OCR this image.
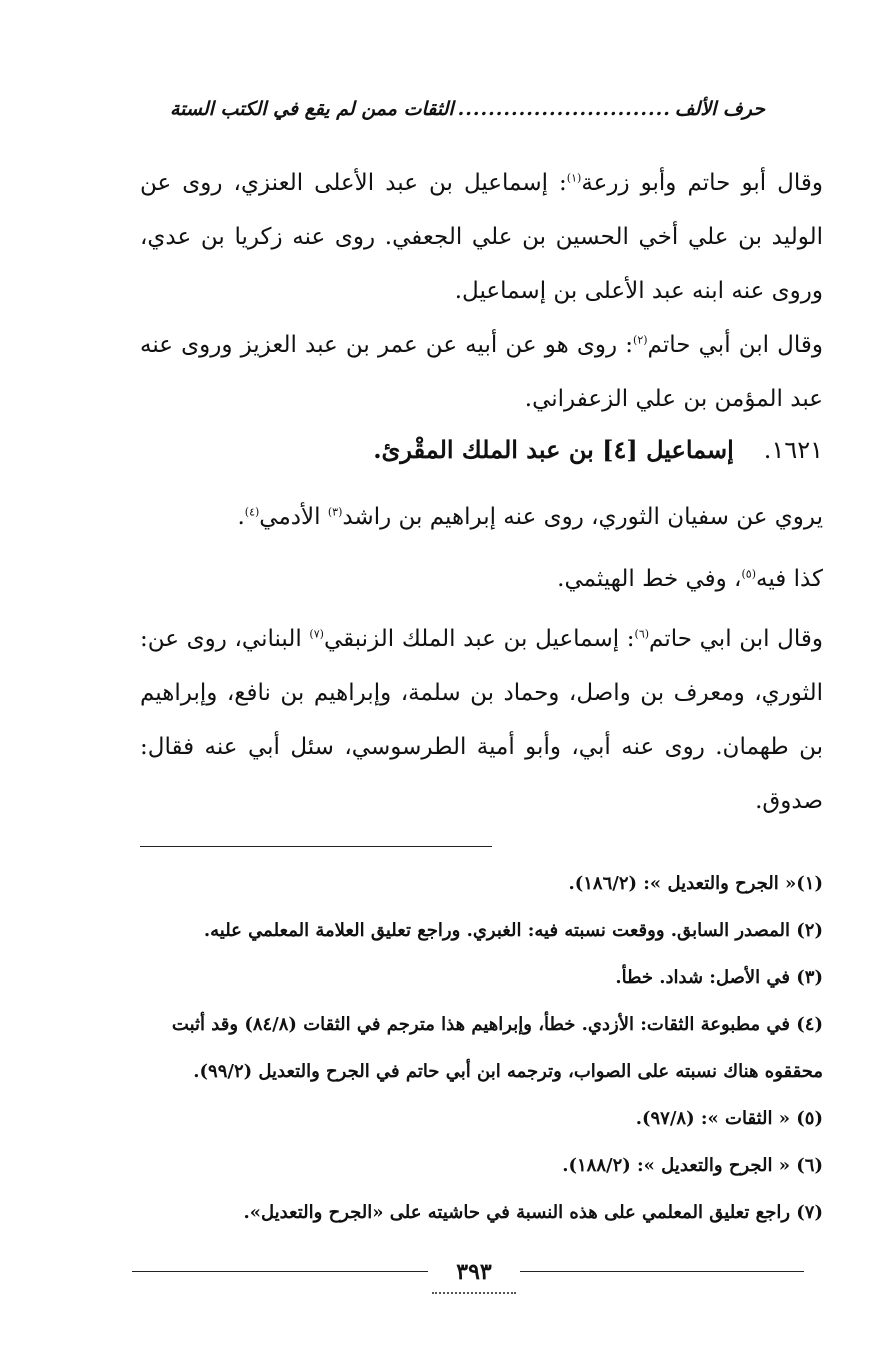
حرف الألف
............................
الثقات ممن لم يقع في الكتب الستة
وقال أبو حاتم وأبو زرعة$^{(١)}$: إسماعيل بن عبد الأعلى العنزي، روى عن الوليد بن علي أخي الحسين بن علي الجعفي. روى عنه زكريا بن عدي، وروى عنه ابنه عبد الأعلى بن إسماعيل.
وقال ابن أبي حاتم$^{(٢)}$: روى هو عن أبيه عن عمر بن عبد العزيز وروى عنه عبد المؤمن بن علي الزعفراني.
١٦٢١.إسماعيل [٤] بن عبد الملك المقْرئ.
يروي عن سفيان الثوري، روى عنه إبراهيم بن راشد$^{(٣)}$ الأدمي$^{(٤)}$.
كذا فيه$^{(٥)}$، وفي خط الهيثمي.
وقال ابن ابي حاتم$^{(٦)}$: إسماعيل بن عبد الملك الزنبقي$^{(٧)}$ البناني، روى عن: الثوري، ومعرف بن واصل، وحماد بن سلمة، وإبراهيم بن نافع، وإبراهيم بن طهمان. روى عنه أبي، وأبو أمية الطرسوسي، سئل أبي عنه فقال: صدوق.
(١)« الجرح والتعديل »: (١٨٦/٢).
(٢) المصدر السابق. ووقعت نسبته فيه: الغبري. وراجع تعليق العلامة المعلمي عليه.
(٣) في الأصل: شداد. خطأ.
(٤) في مطبوعة الثقات: الأزدي. خطأ، وإبراهيم هذا مترجم في الثقات (٨٤/٨) وقد أثبت محققوه هناك نسبته على الصواب، وترجمه ابن أبي حاتم في الجرح والتعديل (٩٩/٢).
(٥) « الثقات »: (٩٧/٨).
(٦) « الجرح والتعديل »: (١٨٨/٢).
(٧) راجع تعليق المعلمي على هذه النسبة في حاشيته على «الجرح والتعديل».
٣٩٣
